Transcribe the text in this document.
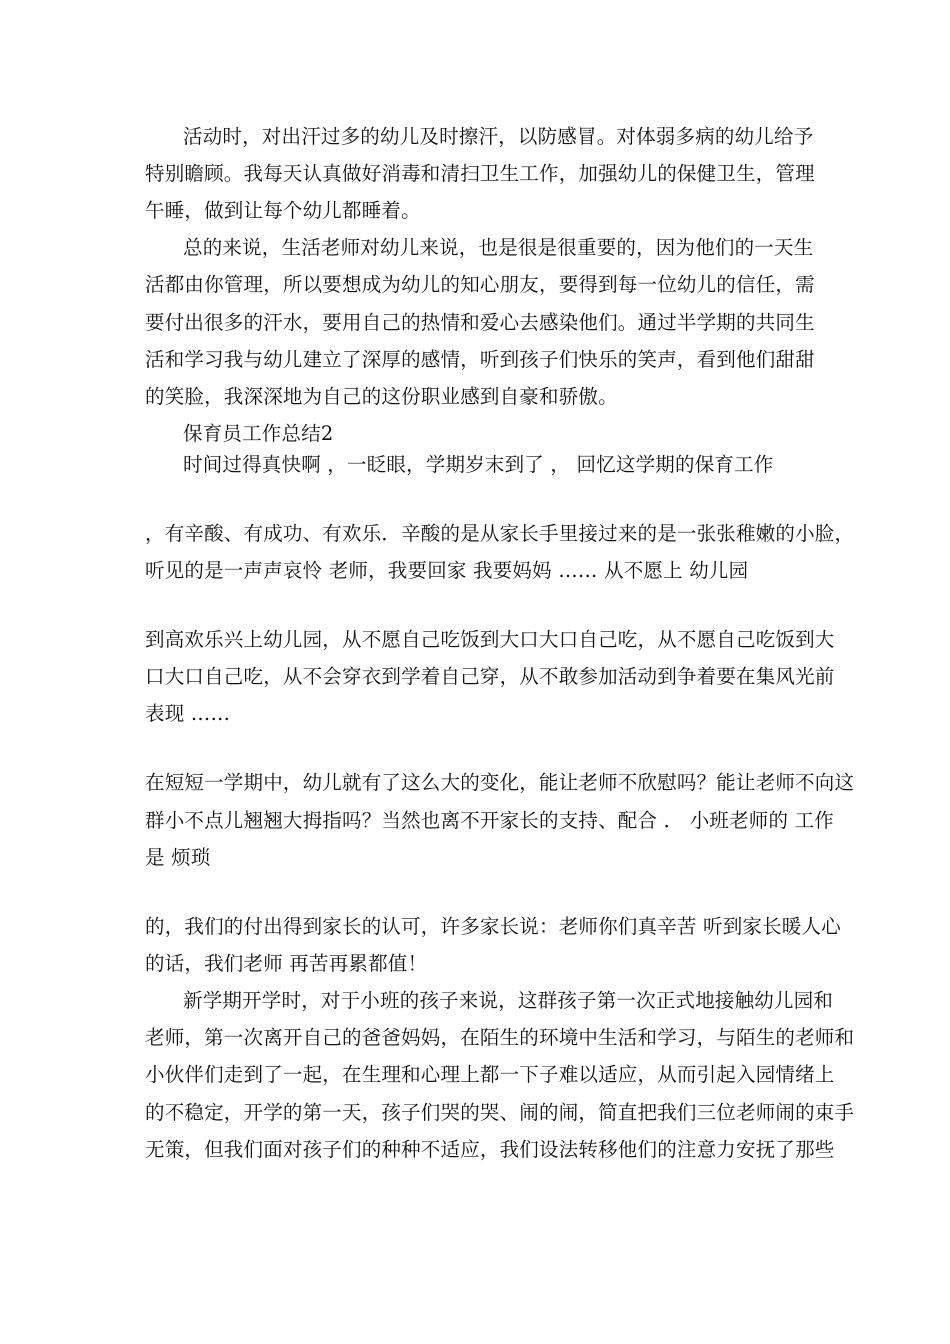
活动时，对出汗过多的幼儿及时擦汗，以防感冒。对体弱多病的幼儿给予
特别瞻顾。我每天认真做好消毒和清扫卫生工作，加强幼儿的保健卫生，管理
午睡，做到让每个幼儿都睡着。
总的来说，生活老师对幼儿来说，也是很是很重要的，因为他们的一天生
活都由你管理，所以要想成为幼儿的知心朋友，要得到每一位幼儿的信任，需
要付出很多的汗水，要用自己的热情和爱心去感染他们。通过半学期的共同生
活和学习我与幼儿建立了深厚的感情，听到孩子们快乐的笑声，看到他们甜甜
的笑脸，我深深地为自己的这份职业感到自豪和骄傲。
保育员工作总结2
时间过得真快啊 ，一眨眼，学期岁末到了 ， 回忆这学期的保育工作
，有辛酸、有成功、有欢乐．辛酸的是从家长手里接过来的是一张张稚嫩的小脸，
听见的是一声声哀怜 老师，我要回家 我要妈妈 …… 从不愿上 幼儿园
到高欢乐兴上幼儿园，从不愿自己吃饭到大口大口自己吃，从不愿自己吃饭到大
口大口自己吃，从不会穿衣到学着自己穿，从不敢参加活动到争着要在集风光前
表现 ……
在短短一学期中，幼儿就有了这么大的变化，能让老师不欣慰吗？能让老师不向这
群小不点儿翘翘大拇指吗？当然也离不开家长的支持、配合 ． 小班老师的 工作
是 烦琐
的，我们的付出得到家长的认可，许多家长说：老师你们真辛苦 听到家长暖人心
的话，我们老师 再苦再累都值！
新学期开学时，对于小班的孩子来说，这群孩子第一次正式地接触幼儿园和
老师，第一次离开自己的爸爸妈妈，在陌生的环境中生活和学习，与陌生的老师和
小伙伴们走到了一起，在生理和心理上都一下子难以适应，从而引起入园情绪上
的不稳定，开学的第一天，孩子们哭的哭、闹的闹，简直把我们三位老师闹的束手
无策，但我们面对孩子们的种种不适应，我们设法转移他们的注意力安抚了那些
